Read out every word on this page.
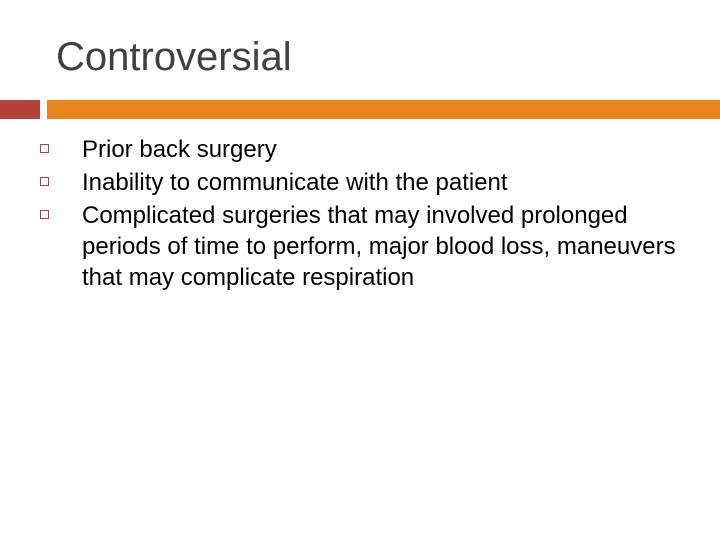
Controversial
Prior back surgery
Inability to communicate with the patient
Complicated surgeries that may involved prolonged periods of time to perform, major blood loss, maneuvers that may complicate respiration
